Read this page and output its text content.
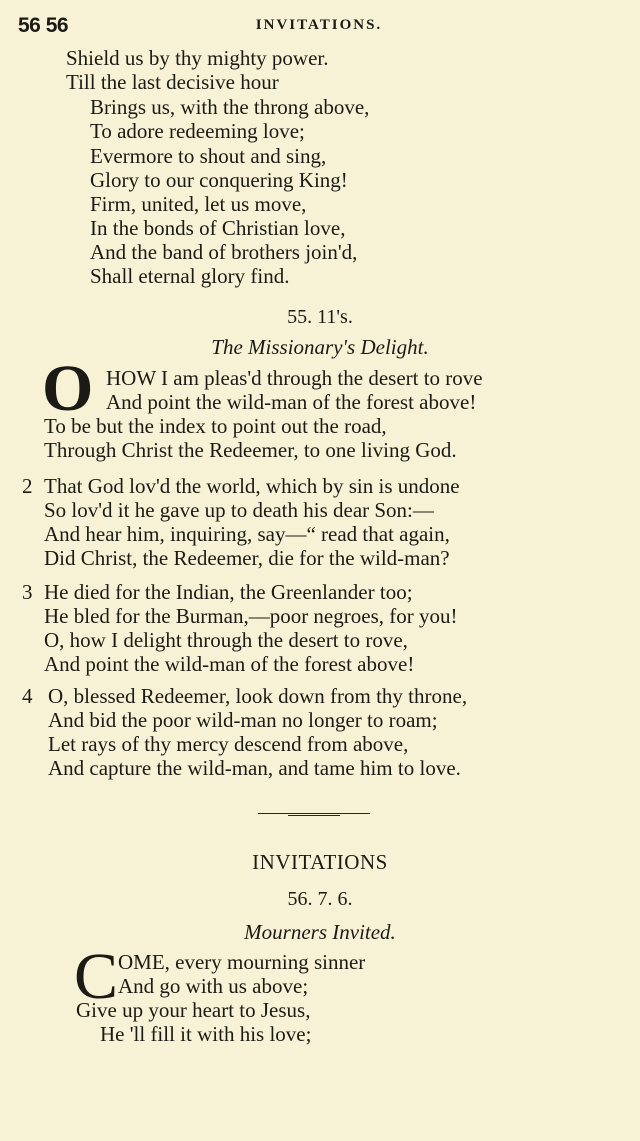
56 56	INVITATIONS.
Shield us by thy mighty power.
Till the last decisive hour
Brings us, with the throng above,
To adore redeeming love;
Evermore to shout and sing,
Glory to our conquering King!
Firm, united, let us move,
In the bonds of Christian love,
And the band of brothers join'd,
Shall eternal glory find.
55. 11's.
The Missionary's Delight.
O HOW I am pleas'd through the desert to rove
And point the wild-man of the forest above!
To be but the index to point out the road,
Through Christ the Redeemer, to one living God.
2 That God lov'd the world, which by sin is undone
So lov'd it he gave up to death his dear Son:—
And hear him, inquiring, say—“ read that again,
Did Christ, the Redeemer, die for the wild-man?
3 He died for the Indian, the Greenlander too;
He bled for the Burman,—poor negroes, for you!
O, how I delight through the desert to rove,
And point the wild-man of the forest above!
4 O, blessed Redeemer, look down from thy throne,
And bid the poor wild-man no longer to roam;
Let rays of thy mercy descend from above,
And capture the wild-man, and tame him to love.
INVITATIONS
56. 7. 6.
Mourners Invited.
C OME, every mourning sinner
And go with us above;
Give up your heart to Jesus,
He 'll fill it with his love;
